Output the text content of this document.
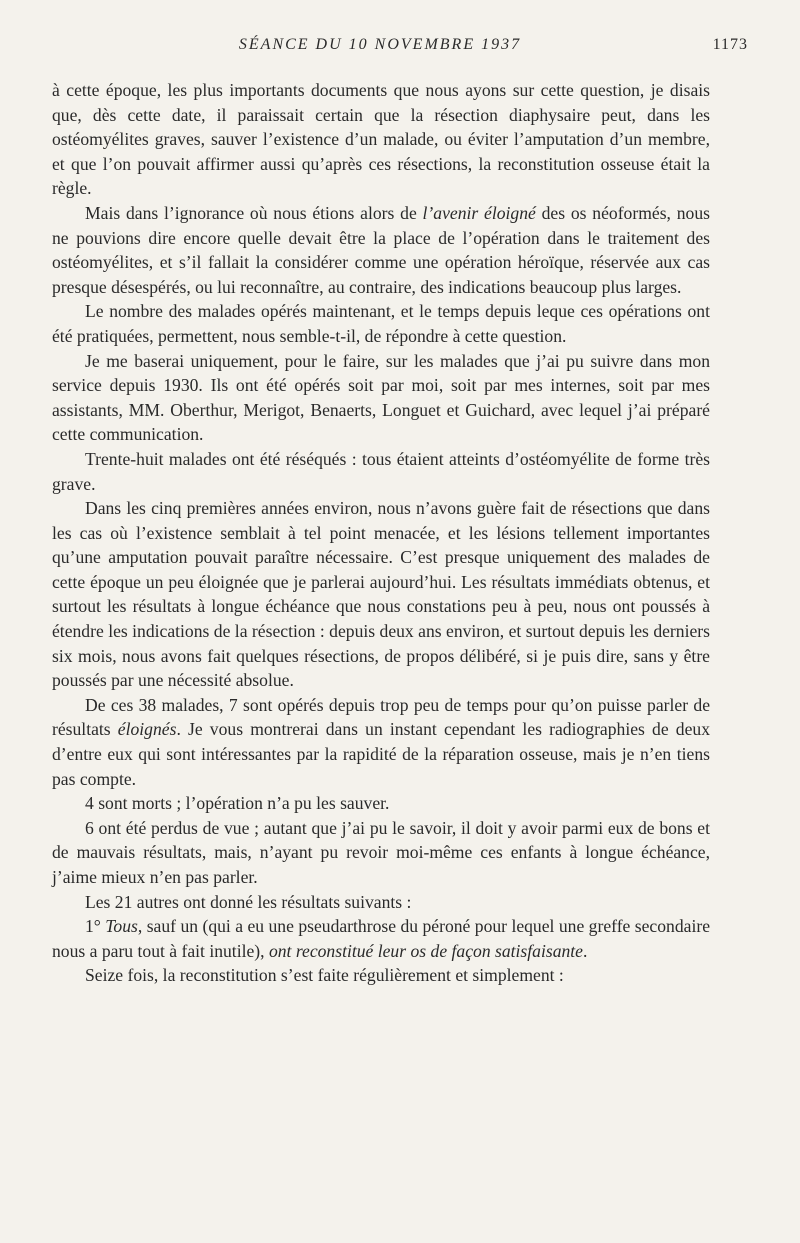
SÉANCE DU 10 NOVEMBRE 1937	1173

à cette époque, les plus importants documents que nous ayons sur cette question, je disais que, dès cette date, il paraissait certain que la résection diaphysaire peut, dans les ostéomyélites graves, sauver l’existence d’un malade, ou éviter l’amputation d’un membre, et que l’on pouvait affirmer aussi qu’après ces résections, la reconstitution osseuse était la règle.

Mais dans l’ignorance où nous étions alors de l’avenir éloigné des os néoformés, nous ne pouvions dire encore quelle devait être la place de l’opération dans le traitement des ostéomyélites, et s’il fallait la considérer comme une opération héroïque, réservée aux cas presque désespérés, ou lui reconnaître, au contraire, des indications beaucoup plus larges.

Le nombre des malades opérés maintenant, et le temps depuis leque ces opérations ont été pratiquées, permettent, nous semble-t-il, de répondre à cette question.

Je me baserai uniquement, pour le faire, sur les malades que j’ai pu suivre dans mon service depuis 1930. Ils ont été opérés soit par moi, soit par mes internes, soit par mes assistants, MM. Oberthur, Merigot, Benaerts, Longuet et Guichard, avec lequel j’ai préparé cette communication.

Trente-huit malades ont été réséqués : tous étaient atteints d’ostéomyélite de forme très grave.

Dans les cinq premières années environ, nous n’avons guère fait de résections que dans les cas où l’existence semblait à tel point menacée, et les lésions tellement importantes qu’une amputation pouvait paraître nécessaire. C’est presque uniquement des malades de cette époque un peu éloignée que je parlerai aujourd’hui. Les résultats immédiats obtenus, et surtout les résultats à longue échéance que nous constations peu à peu, nous ont poussés à étendre les indications de la résection : depuis deux ans environ, et surtout depuis les derniers six mois, nous avons fait quelques résections, de propos délibéré, si je puis dire, sans y être poussés par une nécessité absolue.

De ces 38 malades, 7 sont opérés depuis trop peu de temps pour qu’on puisse parler de résultats éloignés. Je vous montrerai dans un instant cependant les radiographies de deux d’entre eux qui sont intéressantes par la rapidité de la réparation osseuse, mais je n’en tiens pas compte.

4 sont morts ; l’opération n’a pu les sauver.

6 ont été perdus de vue ; autant que j’ai pu le savoir, il doit y avoir parmi eux de bons et de mauvais résultats, mais, n’ayant pu revoir moi-même ces enfants à longue échéance, j’aime mieux n’en pas parler.

Les 21 autres ont donné les résultats suivants :

1° Tous, sauf un (qui a eu une pseudarthrose du péroné pour lequel une greffe secondaire nous a paru tout à fait inutile), ont reconstitué leur os de façon satisfaisante.

Seize fois, la reconstitution s’est faite régulièrement et simplement :
